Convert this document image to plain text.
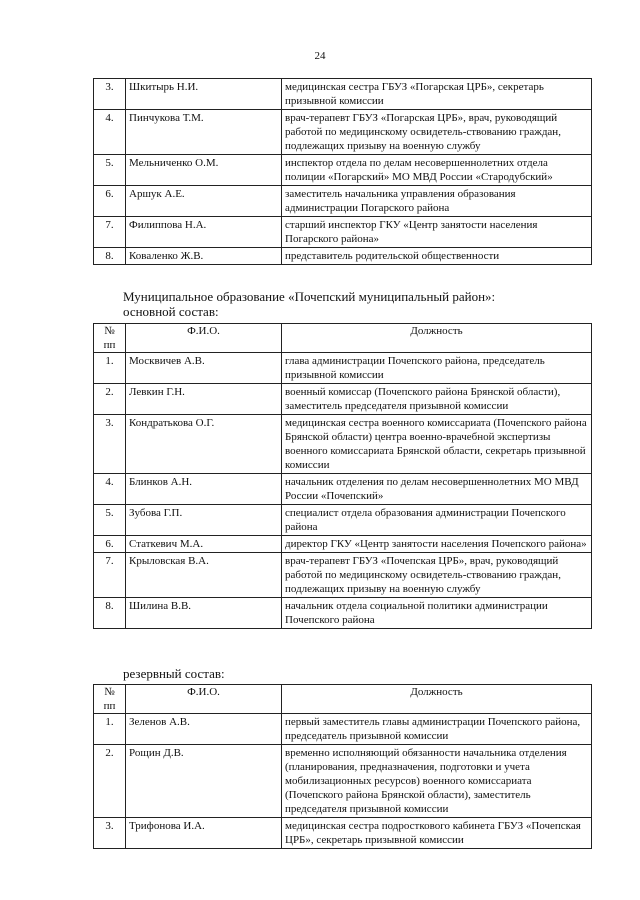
24
3.	Шкитырь Н.И.	медицинская сестра ГБУЗ «Погарская ЦРБ», секретарь призывной комиссии
4.	Пинчукова Т.М.	врач-терапевт ГБУЗ «Погарская ЦРБ», врач, руководящий работой по медицинскому освидетель-ствованию граждан, подлежащих призыву на военную службу
5.	Мельниченко О.М.	инспектор отдела по делам несовершеннолетних отдела полиции «Погарский» МО МВД России «Стародубский»
6.	Аршук А.Е.	заместитель начальника управления образования администрации Погарского района
7.	Филиппова Н.А.	старший инспектор ГКУ «Центр занятости населения Погарского района»
8.	Коваленко Ж.В.	представитель родительской общественности
Муниципальное образование «Почепский муниципальный район»:
основной состав:
№ пп	Ф.И.О.	Должность
1.	Москвичев А.В.	глава администрации Почепского района, председатель призывной комиссии
2.	Левкин Г.Н.	военный комиссар (Почепского района Брянской области), заместитель председателя призывной комиссии
3.	Кондратькова О.Г.	медицинская сестра военного комиссариата (Почепского района Брянской области) центра военно-врачебной экспертизы военного комиссариата Брянской области, секретарь призывной комиссии
4.	Блинков А.Н.	начальник отделения по делам несовершеннолетних МО МВД России «Почепский»
5.	Зубова Г.П.	специалист отдела образования администрации Почепского района
6.	Статкевич М.А.	директор ГКУ «Центр занятости населения Почепского района»
7.	Крыловская В.А.	врач-терапевт ГБУЗ «Почепская ЦРБ», врач, руководящий работой по медицинскому освидетель-ствованию граждан, подлежащих призыву на военную службу
8.	Шилина В.В.	начальник отдела социальной политики администрации Почепского района
резервный состав:
№ пп	Ф.И.О.	Должность
1.	Зеленов А.В.	первый заместитель главы администрации Почепского района, председатель призывной комиссии
2.	Рощин Д.В.	временно исполняющий обязанности начальника отделения (планирования, предназначения, подготовки и учета мобилизационных ресурсов) военного комиссариата (Почепского района Брянской области), заместитель председателя призывной комиссии
3.	Трифонова И.А.	медицинская сестра подросткового кабинета ГБУЗ «Почепская ЦРБ», секретарь призывной комиссии
